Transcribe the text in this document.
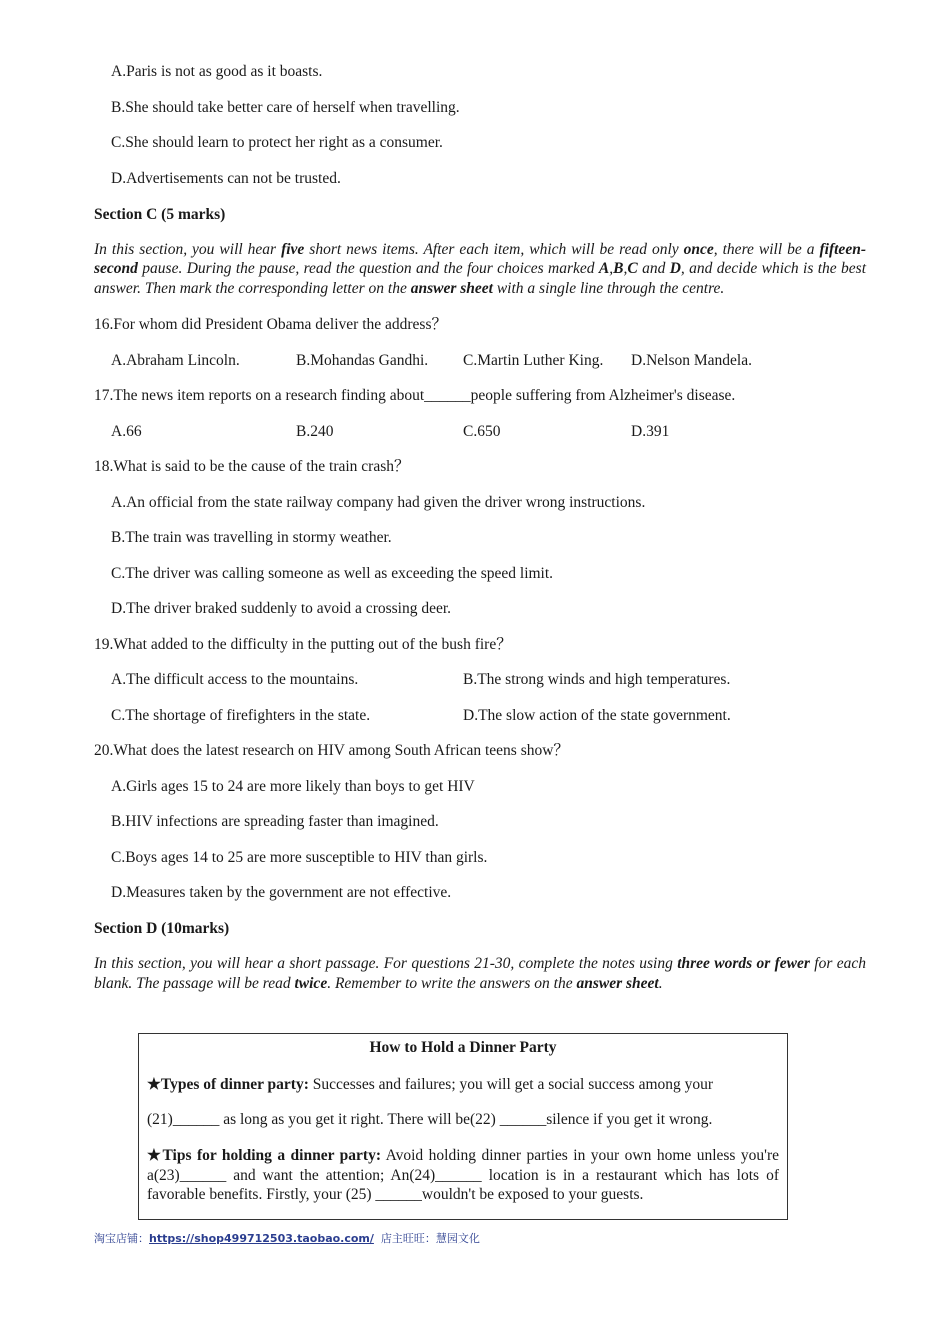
A.Paris is not as good as it boasts.
B.She should take better care of herself when travelling.
C.She should learn to protect her right as a consumer.
D.Advertisements can not be trusted.
Section C (5 marks)
In this section, you will hear five short news items. After each item, which will be read only once, there will be a fifteen-second pause. During the pause, read the question and the four choices marked A,B,C and D, and decide which is the best answer. Then mark the corresponding letter on the answer sheet with a single line through the centre.
16.For whom did President Obama deliver the address？
A.Abraham Lincoln.	B.Mohandas Gandhi.	C.Martin Luther King.	D.Nelson Mandela.
17.The news item reports on a research finding about______people suffering from Alzheimer's disease.
A.66	B.240	C.650	D.391
18.What is said to be the cause of the train crash？
A.An official from the state railway company had given the driver wrong instructions.
B.The train was travelling in stormy weather.
C.The driver was calling someone as well as exceeding the speed limit.
D.The driver braked suddenly to avoid a crossing deer.
19.What added to the difficulty in the putting out of the bush fire？
A.The difficult access to the mountains.	B.The strong winds and high temperatures.
C.The shortage of firefighters in the state.	D.The slow action of the state government.
20.What does the latest research on HIV among South African teens show？
A.Girls ages 15 to 24 are more likely than boys to get HIV
B.HIV infections are spreading faster than imagined.
C.Boys ages 14 to 25 are more susceptible to HIV than girls.
D.Measures taken by the government are not effective.
Section D (10marks)
In this section, you will hear a short passage. For questions 21-30, complete the notes using three words or fewer for each blank. The passage will be read twice. Remember to write the answers on the answer sheet.
How to Hold a Dinner Party

★Types of dinner party: Successes and failures; you will get a social success among your

(21)______ as long as you get it right. There will be(22) ______silence if you get it wrong.

★Tips for holding a dinner party: Avoid holding dinner parties in your own home unless you're a(23)______ and want the attention; An(24)______ location is in a restaurant which has lots of favorable benefits. Firstly, your (25) ______wouldn't be exposed to your guests.

淘宝店铺：https://shop499712503.taobao.com/  店主旺旺：慧园文化
